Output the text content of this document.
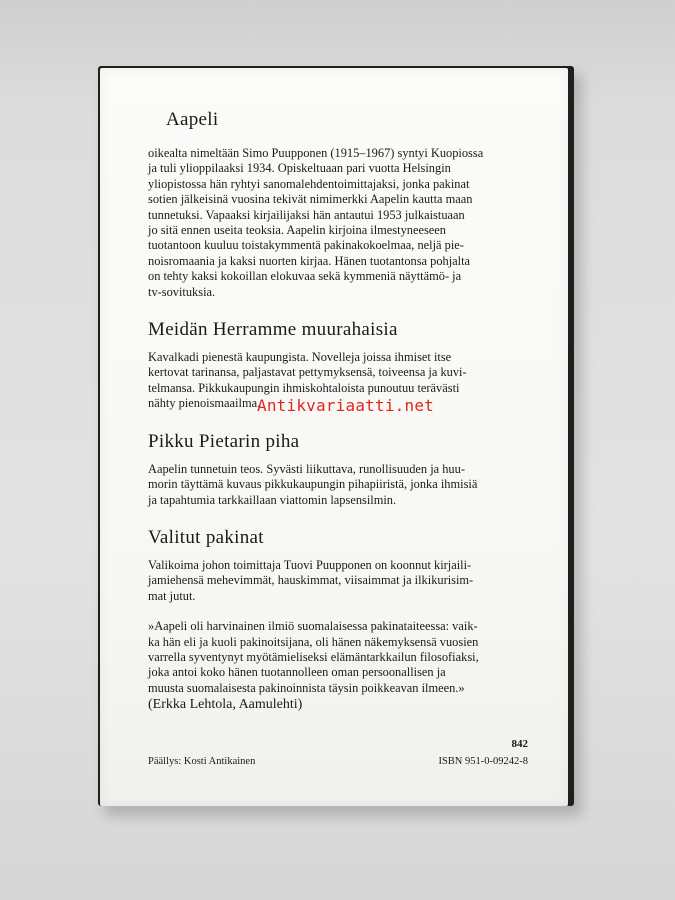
Aapeli
oikealta nimeltään Simo Puupponen (1915–1967) syntyi Kuopiossa
ja tuli ylioppilaaksi 1934. Opiskeltuaan pari vuotta Helsingin
yliopistossa hän ryhtyi sanomalehdentoimittajaksi, jonka pakinat
sotien jälkeisinä vuosina tekivät nimimerkki Aapelin kautta maan
tunnetuksi. Vapaaksi kirjailijaksi hän antautui 1953 julkaistuaan
jo sitä ennen useita teoksia. Aapelin kirjoina ilmestyneeseen
tuotantoon kuuluu toistakymmentä pakinakokoelmaa, neljä pie-
noisromaania ja kaksi nuorten kirjaa. Hänen tuotantonsa pohjalta
on tehty kaksi kokoillan elokuvaa sekä kymmeniä näyttämö- ja
tv-sovituksia.
Meidän Herramme muurahaisia
Kavalkadi pienestä kaupungista. Novelleja joissa ihmiset itse
kertovat tarinansa, paljastavat pettymyksensä, toiveensa ja kuvi-
telmansa. Pikkukaupungin ihmiskohtaloista punoutuu terävästi
nähty pienoismaailma.
Pikku Pietarin piha
Aapelin tunnetuin teos. Syvästi liikuttava, runollisuuden ja huu-
morin täyttämä kuvaus pikkukaupungin pihapiiristä, jonka ihmisiä
ja tapahtumia tarkkaillaan viattomin lapsensilmin.
Valitut pakinat
Valikoima johon toimittaja Tuovi Puupponen on koonnut kirjaili-
jamiehensä mehevimmät, hauskimmat, viisaimmat ja ilkikurisim-
mat jutut.
»Aapeli oli harvinainen ilmiö suomalaisessa pakinataiteessa: vaik-
ka hän eli ja kuoli pakinoitsijana, oli hänen näkemyksensä vuosien
varrella syventynyt myötämieliseksi elämäntarkkailun filosofiaksi,
joka antoi koko hänen tuotannolleen oman persoonallisen ja
muusta suomalaisesta pakinoinnista täysin poikkeavan ilmeen.»
(Erkka Lehtola, Aamulehti)
842
Päällys: Kosti Antikainen	ISBN 951-0-09242-8
Antikvariaatti.net
